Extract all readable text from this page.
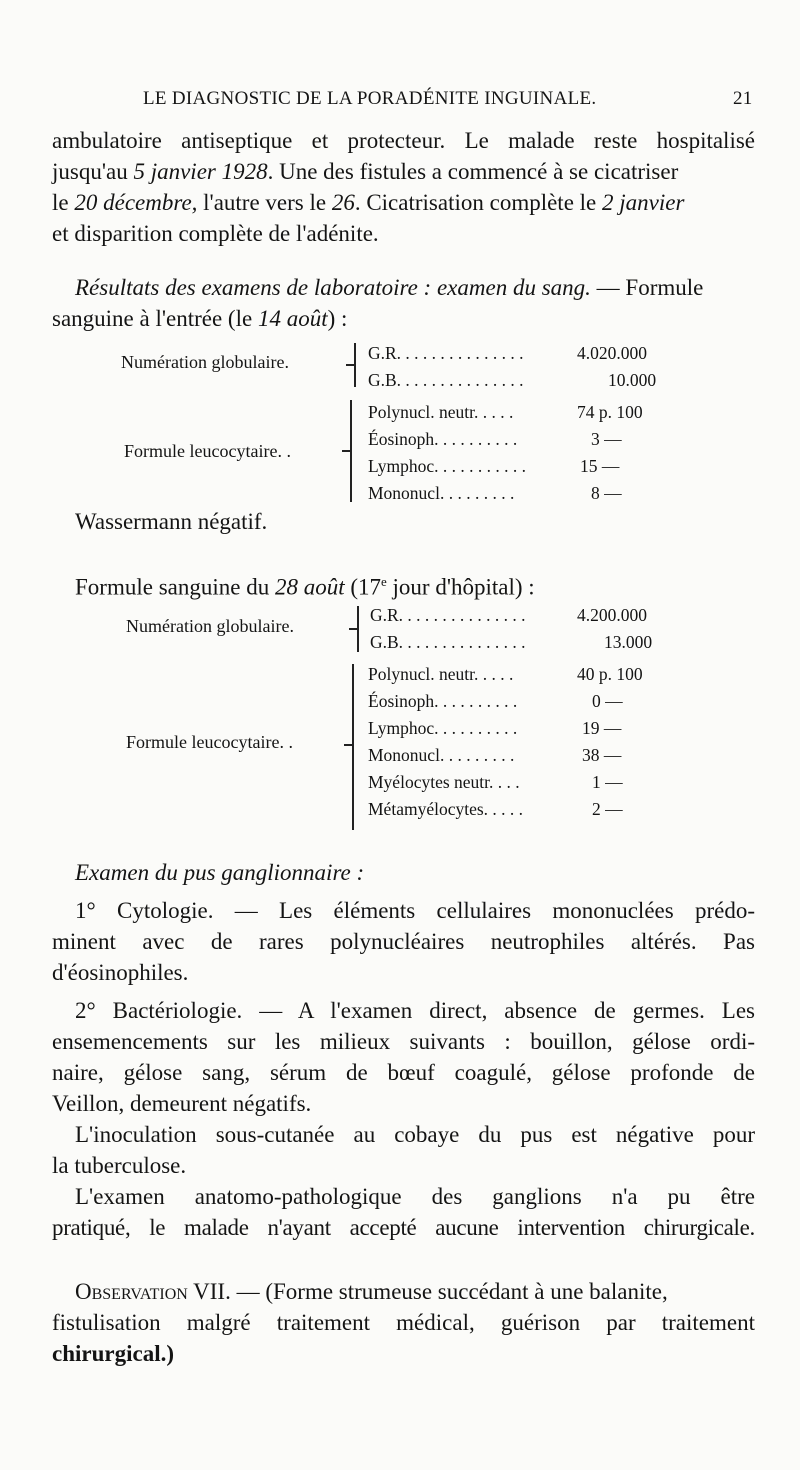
LE DIAGNOSTIC DE LA PORADÉNITE INGUINALE.	21
ambulatoire antiseptique et protecteur. Le malade reste hospitalisé
jusqu'au 5 janvier 1928. Une des fistules a commencé à se cicatriser
le 20 décembre, l'autre vers le 26. Cicatrisation complète le 2 janvier
et disparition complète de l'adénite.
Résultats des examens de laboratoire : examen du sang. — Formule
sanguine à l'entrée (le 14 août) :
Numération globulaire.	G.R. . . . . . . . . . . . . . .	4.020.000
G.B. . . . . . . . . . . . . . .	10.000
Formule leucocytaire. .
Polynucl. neutr. . . . .	74 p. 100
Éosinoph. . . . . . . . . .	3 —
Lymphoc. . . . . . . . . . .	15 —
Mononucl. . . . . . . . .	8 —
Wassermann négatif.
Formule sanguine du 28 août (17e jour d'hôpital) :
Numération globulaire.
G.R. . . . . . . . . . . . . . .	4.200.000
G.B. . . . . . . . . . . . . . .	13.000
Formule leucocytaire. .
Polynucl. neutr. . . . .	40 p. 100
Éosinoph. . . . . . . . . .	0 —
Lymphoc. . . . . . . . . .	19 —
Mononucl. . . . . . . . .	38 —
Myélocytes neutr. . . .	1 —
Métamyélocytes. . . . .	2 —
Examen du pus ganglionnaire :
1° Cytologie. — Les éléments cellulaires mononuclées prédo-
minent avec de rares polynucléaires neutrophiles altérés. Pas
d'éosinophiles.
2° Bactériologie. — A l'examen direct, absence de germes. Les
ensemencements sur les milieux suivants : bouillon, gélose ordi-
naire, gélose sang, sérum de bœuf coagulé, gélose profonde de
Veillon, demeurent négatifs.
L'inoculation sous-cutanée au cobaye du pus est négative pour
la tuberculose.
L'examen anatomo-pathologique des ganglions n'a pu être
pratiqué, le malade n'ayant accepté aucune intervention chirurgicale.
Observation VII. — (Forme strumeuse succédant à une balanite,
fistulisation malgré traitement médical, guérison par traitement
chirurgical.)
